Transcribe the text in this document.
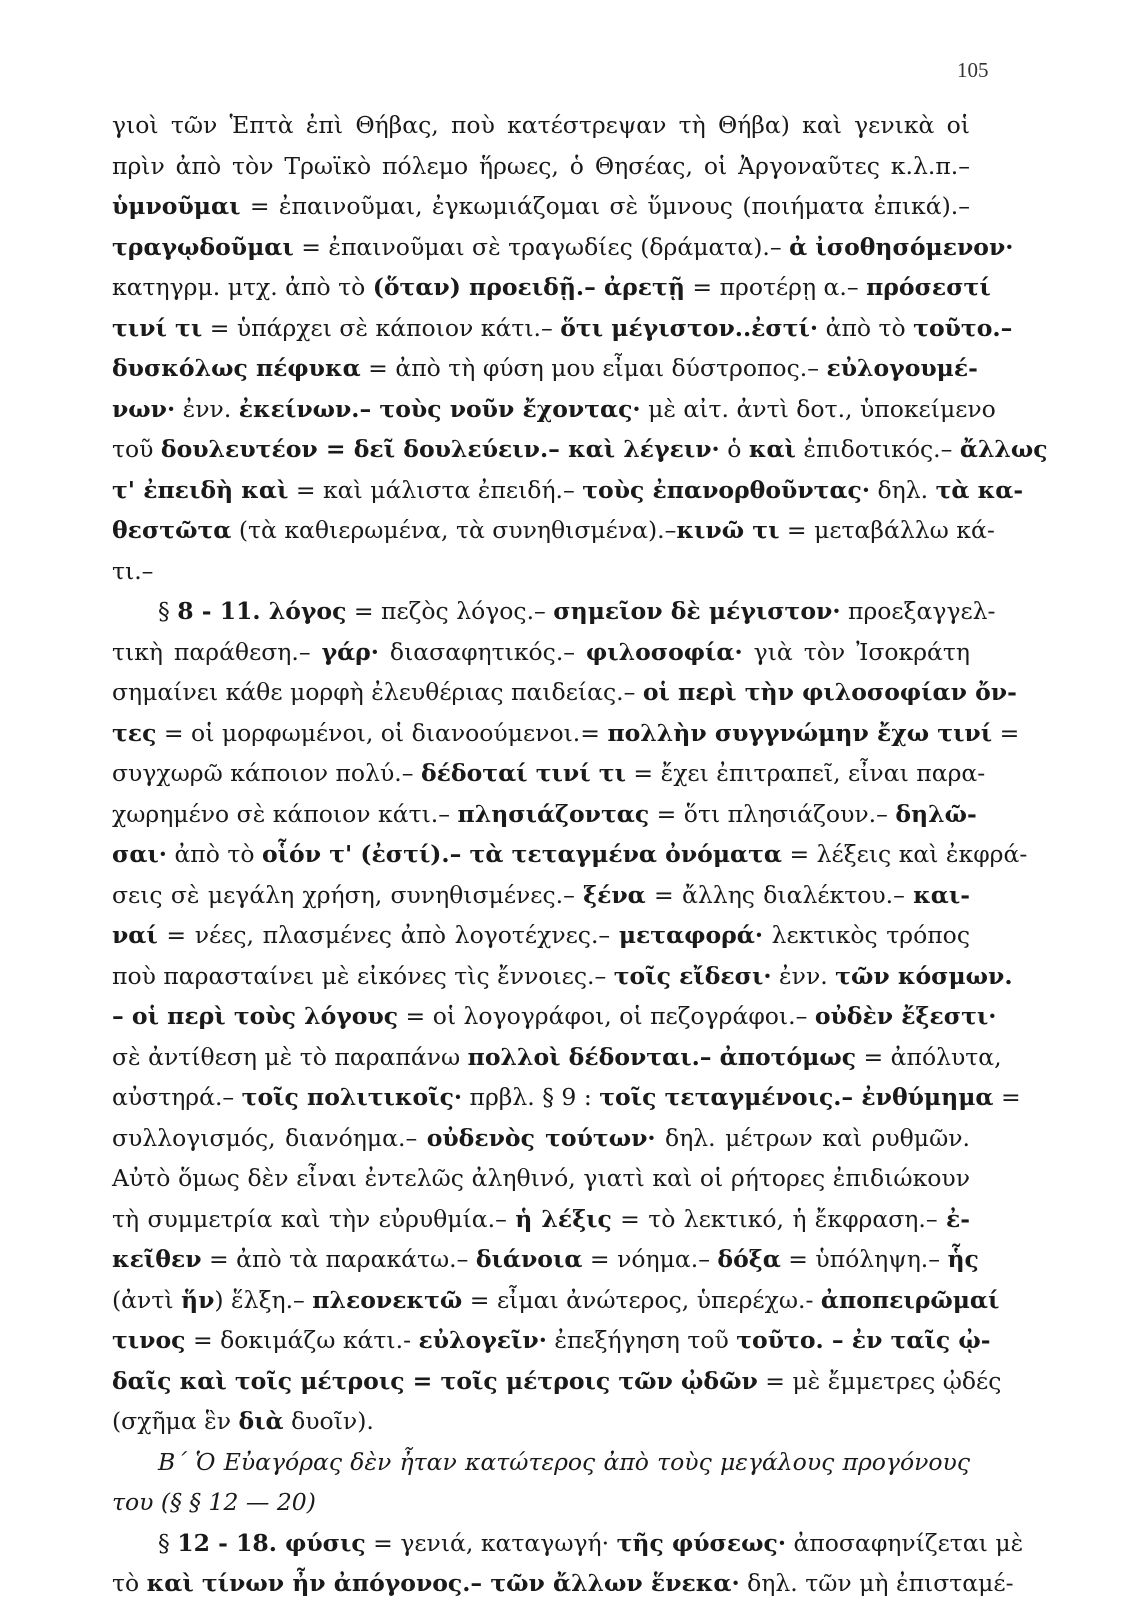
105
γιοὶ τῶν Ἑπτὰ ἐπὶ Θήβας, ποὺ κατέστρεψαν τὴ Θήβα) καὶ γενικὰ οἱ
πρὶν ἀπὸ τὸν Τρωϊκὸ πόλεμο ἥρωες, ὁ Θησέας, οἱ Ἀργοναῦτες κ.λ.π.–
ὑμνοῦμαι = ἐπαινοῦμαι, ἐγκωμιάζομαι σὲ ὕμνους (ποιήματα ἐπικά).–
τραγῳδοῦμαι = ἐπαινοῦμαι σὲ τραγωδίες (δράματα).– ἀ ἰσοθησόμενον·
κατηγρμ. μτχ. ἀπὸ τὸ (ὅταν) προειδῇ.– ἀρετῇ = προτέρῃ α.– πρόσεστί
τινί τι = ὑπάρχει σὲ κάποιον κάτι.– ὅτι μέγιστον..ἐστί· ἀπὸ τὸ τοῦτο.–
δυσκόλως πέφυκα = ἀπὸ τὴ φύση μου εἶμαι δύστροπος.– εὐλογουμέ-
νων· ἐνν. ἐκείνων.– τοὺς νοῦν ἔχοντας· μὲ αἰτ. ἀντὶ δοτ., ὑποκείμενο
τοῦ δουλευτέον = δεῖ δουλεύειν.– καὶ λέγειν· ὁ καὶ ἐπιδοτικός.– ἄλλως
τ' ἐπειδὴ καὶ = καὶ μάλιστα ἐπειδή.– τοὺς ἐπανορθοῦντας· δηλ. τὰ κα-
θεστῶτα (τὰ καθιερωμένα, τὰ συνηθισμένα).–κινῶ τι = μεταβάλλω κά-
τι.–
§ 8 - 11. λόγος = πεζὸς λόγος.– σημεῖον δὲ μέγιστον· προεξαγγελ-
τικὴ παράθεση.– γάρ· διασαφητικός.– φιλοσοφία· γιὰ τὸν Ἰσοκράτη
σημαίνει κάθε μορφὴ ἐλευθέριας παιδείας.– οἱ περὶ τὴν φιλοσοφίαν ὄν-
τες = οἱ μορφωμένοι, οἱ διανοούμενοι.= πολλὴν συγγνώμην ἔχω τινί =
συγχωρῶ κάποιον πολύ.– δέδοταί τινί τι = ἔχει ἐπιτραπεῖ, εἶναι παρα-
χωρημένο σὲ κάποιον κάτι.– πλησιάζοντας = ὅτι πλησιάζουν.– δηλῶ-
σαι· ἀπὸ τὸ οἷόν τ' (ἐστί).– τὰ τεταγμένα ὀνόματα = λέξεις καὶ ἐκφρά-
σεις σὲ μεγάλη χρήση, συνηθισμένες.– ξένα = ἄλλης διαλέκτου.– και-
ναί = νέες, πλασμένες ἀπὸ λογοτέχνες.– μεταφορά· λεκτικὸς τρόπος
ποὺ παρασταίνει μὲ εἰκόνες τὶς ἔννοιες.– τοῖς εἴδεσι· ἐνν. τῶν κόσμων.
– οἱ περὶ τοὺς λόγους = οἱ λογογράφοι, οἱ πεζογράφοι.– οὐδὲν ἔξεστι·
σὲ ἀντίθεση μὲ τὸ παραπάνω πολλοὶ δέδονται.– ἀποτόμως = ἀπόλυτα,
αὐστηρά.– τοῖς πολιτικοῖς· πρβλ. § 9 : τοῖς τεταγμένοις.– ἐνθύμημα =
συλλογισμός, διανόημα.– οὐδενὸς τούτων· δηλ. μέτρων καὶ ρυθμῶν.
Αὐτὸ ὅμως δὲν εἶναι ἐντελῶς ἀληθινό, γιατὶ καὶ οἱ ρήτορες ἐπιδιώκουν
τὴ συμμετρία καὶ τὴν εὐρυθμία.– ἡ λέξις = τὸ λεκτικό, ἡ ἔκφραση.– ἐ-
κεῖθεν = ἀπὸ τὰ παρακάτω.– διάνοια = νόημα.– δόξα = ὑπόληψη.– ἧς
(ἀντὶ ἥν) ἕλξη.– πλεονεκτῶ = εἶμαι ἀνώτερος, ὑπερέχω.- ἀποπειρῶμαί
τινος = δοκιμάζω κάτι.- εὐλογεῖν· ἐπεξήγηση τοῦ τοῦτο. – ἐν ταῖς ᾠ-
δαῖς καὶ τοῖς μέτροις = τοῖς μέτροις τῶν ᾠδῶν = μὲ ἔμμετρες ᾠδές
(σχῆμα ἓν διὰ δυοῖν).
Β΄ Ὁ Εὐαγόρας δὲν ἦταν κατώτερος ἀπὸ τοὺς μεγάλους προγόνους
του (§ § 12 — 20)
§ 12 - 18. φύσις = γενιά, καταγωγή· τῆς φύσεως· ἀποσαφηνίζεται μὲ
τὸ καὶ τίνων ἦν ἀπόγονος.– τῶν ἄλλων ἕνεκα· δηλ. τῶν μὴ ἐπισταμέ-
